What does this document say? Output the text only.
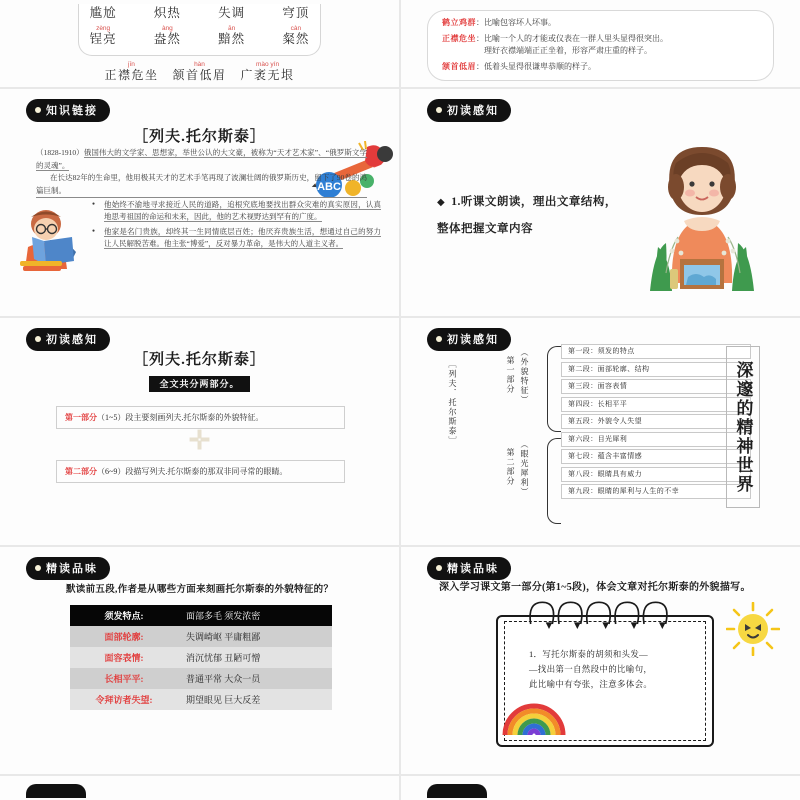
尴尬	炽热	失调	穹顶
zèng
锃亮
àng
盎然
ān
黯然
càn
粲然
jīn
正襟危坐
hàn
颔首低眉
mào yín
广袤无垠
鹤立鸡群 ： 比喻包容坏人坏事。
正襟危坐 ： 比喻一个人的才能或仪表在一群人里头显得很突出。
理好衣襟端端正正坐着，形容严肃庄重的样子。
颔首低眉 ： 低着头显得很谦卑恭顺的样子。
知识链接
［列夫.托尔斯泰］
ABC
（1828-1910）俄国伟大的文学家、思想家，举世公认的大文豪，被称为“天才艺术家”、“俄罗斯文学的灵魂”。
在长达82年的生命里，他用极其天才的艺术手笔再现了波澜壮阔的俄罗斯历史，留下了90卷的鸿篇巨制。
● 他始终不渝地寻求接近人民的道路，追根究底地要找出群众灾难的真实原因，认真地思考祖国的命运和未来，因此，他的艺术视野达到罕有的广度。
● 他家是名门贵族，却终其一生同情底层百姓；他厌弃贵族生活，想通过自己的努力让人民解脱苦难。他主张“博爱”，反对暴力革命，是伟大的人道主义者。
初读感知
◆ 1.听课文朗读，理出文章结构，
整体把握文章内容
初读感知
［列夫.托尔斯泰］
全文共分两部分。
第一部分（1~5）段主要刻画列夫.托尔斯泰的外貌特征。
✛
第二部分（6~9）段描写列夫.托尔斯泰的那双非同寻常的眼睛。
初读感知
［列夫．托尔斯泰］	第一部分 （外貌特征）
第二部分 （眼光犀利）
第一段：须发的特点
第二段：面部轮廓、结构
第三段：面容表情
第四段：长相平平
第五段：外貌令人失望
第六段：目光犀利
第七段：蕴含丰富情感
第八段：眼睛具有威力
第九段：眼睛的犀利与人生的不幸	深邃的精神世界
精读品味
默读前五段,作者是从哪些方面来刻画托尔斯泰的外貌特征的？
须发特点:	面部多毛 须发浓密
面部轮廓:	失调崎岖 平庸粗鄙
面容表情:	消沉忧郁 丑陋可憎
长相平平:	普通平常 大众一员
令拜访者失望:	期望眼见 巨大反差
精读品味
深入学习课文第一部分(第1~5段)，体会文章对托尔斯泰的外貌描写。
1．写托尔斯泰的胡须和头发—
—找出第一自然段中的比喻句，
此比喻中有夸张，注意多体会。
